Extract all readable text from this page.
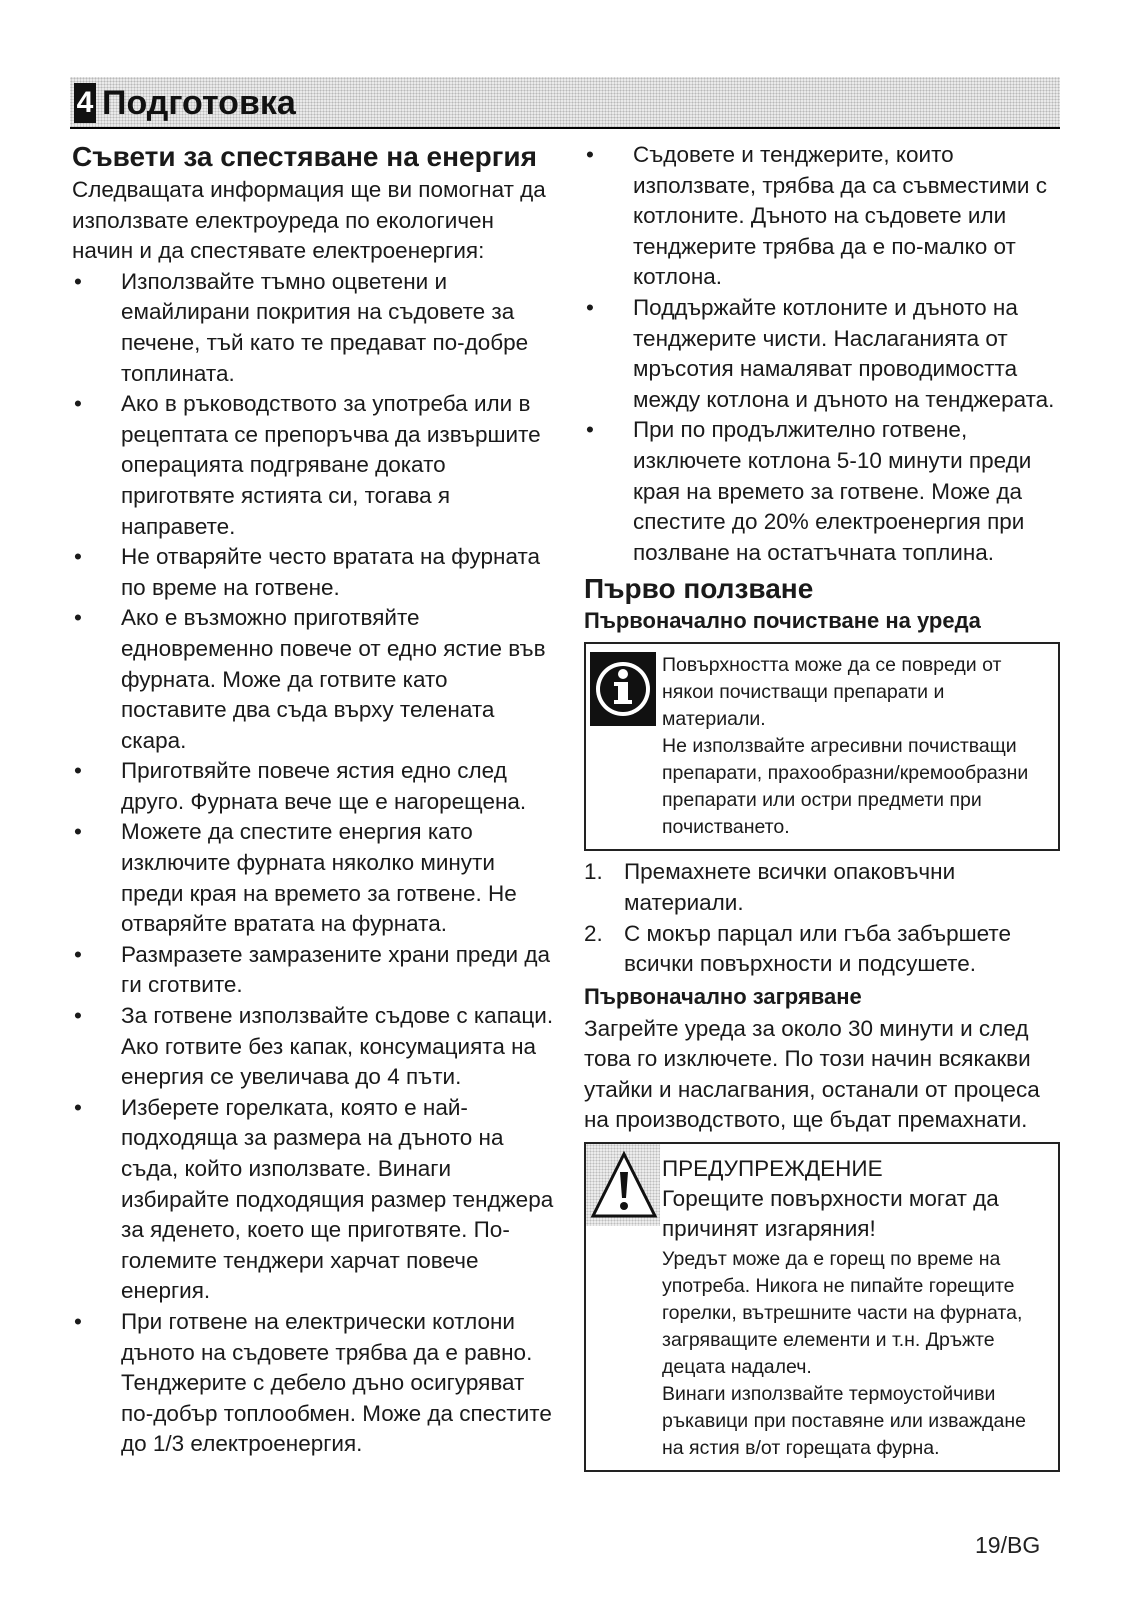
4 Подготовка
Съвети за спестяване на енергия
Следващата информация ще ви помогнат да използвате електроуреда по екологичен начин и да спестявате електроенергия:
• Използвайте тъмно оцветени и емайлирани покрития на съдовете за печене, тъй като те предават по-добре топлината.
• Ако в ръководството за употреба или в рецептата се препоръчва да извършите операцията подгряване докато приготвяте ястията си, тогава я направете.
• Не отваряйте често вратата на фурната по време на готвене.
• Ако е възможно приготвяйте едновременно повече от едно ястие във фурната. Може да готвите като поставите два съда върху телената скара.
• Приготвяйте повече ястия едно след друго. Фурната вече ще е нагорещена.
• Можете да спестите енергия като изключите фурната няколко минути преди края на времето за готвене. Не отваряйте вратата на фурната.
• Размразете замразените храни преди да ги сготвите.
• За готвене използвайте съдове с капаци. Ако готвите без капак, консумацията на енергия се увеличава до 4 пъти.
• Изберете горелката, която е най-подходяща за размера на дъното на съда, който използвате. Винаги избирайте подходящия размер тенджера за яденето, което ще приготвяте. По-големите тенджери харчат повече енергия.
• При готвене на електрически котлони дъното на съдовете трябва да е равно. Тенджерите с дебело дъно осигуряват по-добър топлообмен. Може да спестите до 1/3 електроенергия.
• Съдовете и тенджерите, които използвате, трябва да са съвместими с котлоните. Дъното на съдовете или тенджерите трябва да е по-малко от котлона.
• Поддържайте котлоните и дъното на тенджерите чисти. Наслаганията от мръсотия намаляват проводимостта между котлона и дъното на тенджерата.
• При по продължително готвене, изключете котлона 5-10 минути преди края на времето за готвене. Може да спестите до 20% електроенергия при позлване на остатъчната топлина.
Първо ползване
Първоначално почистване на уреда
Повърхността може да се повреди от някои почистващи препарати и материали.
Не използвайте агресивни почистващи препарати, прахообразни/кремообразни препарати или остри предмети при почистването.
1. Премахнете всички опаковъчни материали.
2. С мокър парцал или гъба забършете всички повърхности и подсушете.
Първоначално загряване
Загрейте уреда за около 30 минути и след това го изключете. По този начин всякакви утайки и наслагвания, останали от процеса на производството, ще бъдат премахнати.
ПРЕДУПРЕЖДЕНИЕ
Горещите повърхности могат да причинят изгаряния!
Уредът може да е горещ по време на употреба. Никога не пипайте горещите горелки, вътрешните части на фурната, загряващите елементи и т.н. Дръжте децата надалеч.
Винаги използвайте термоустойчиви ръкавици при поставяне или изваждане на ястия в/от горещата фурна.
19/BG
